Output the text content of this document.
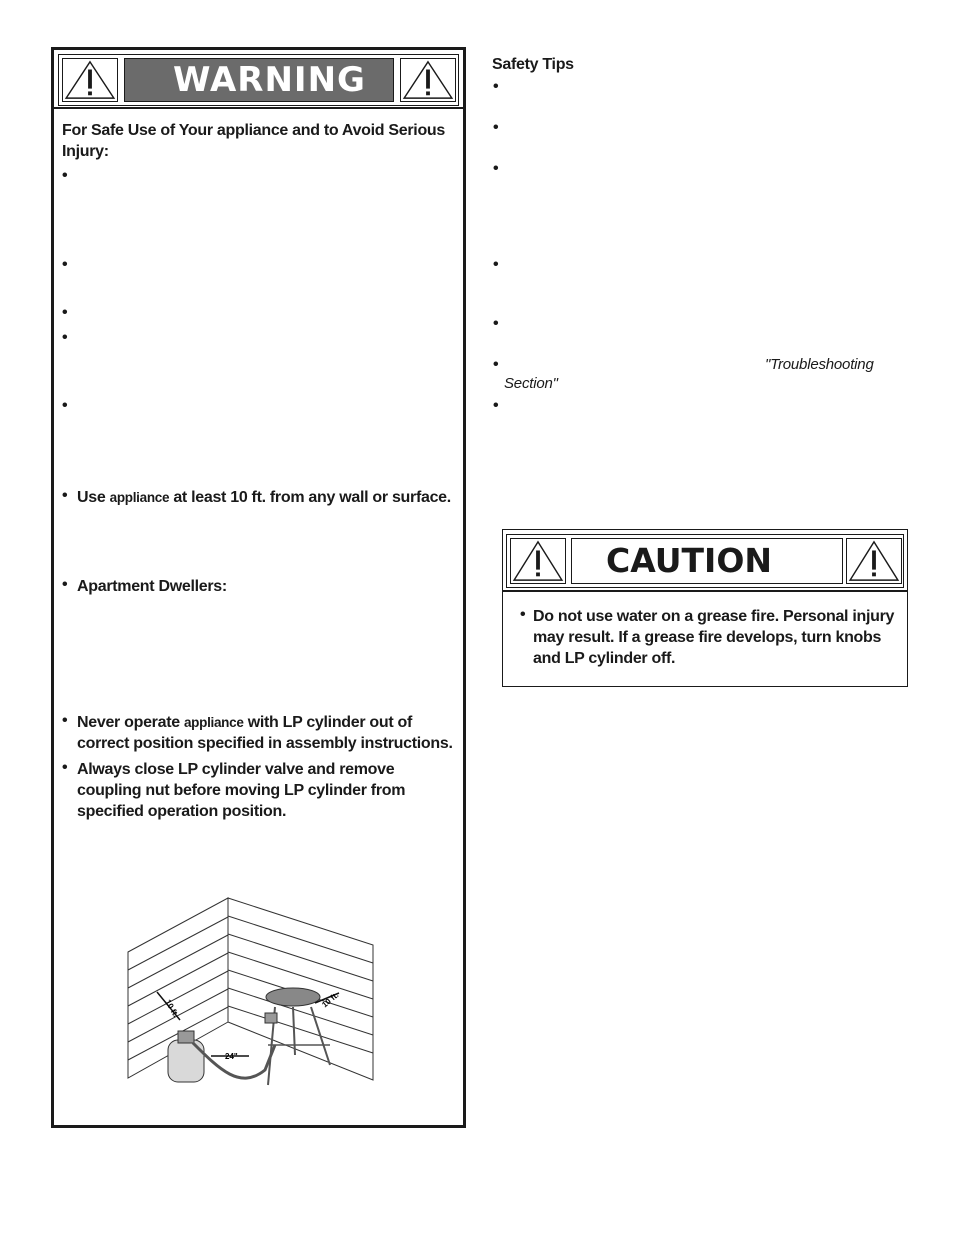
WARNING
For Safe Use of Your appliance and to Avoid Serious Injury:
•
•
•
•
•
• Use appliance at least 10 ft. from any wall or surface.
• Apartment Dwellers:
• Never operate appliance with LP cylinder out of correct position specified in assembly instructions.
• Always close LP cylinder valve and remove coupling nut before moving LP cylinder from specified operation position.
10 ft.	10 ft.
24"
Safety Tips
•
•
•
•
•
•	"Troubleshooting
Section"
•
CAUTION
• Do not use water on a grease fire. Personal injury may result. If a grease fire develops, turn knobs and LP cylinder off.
